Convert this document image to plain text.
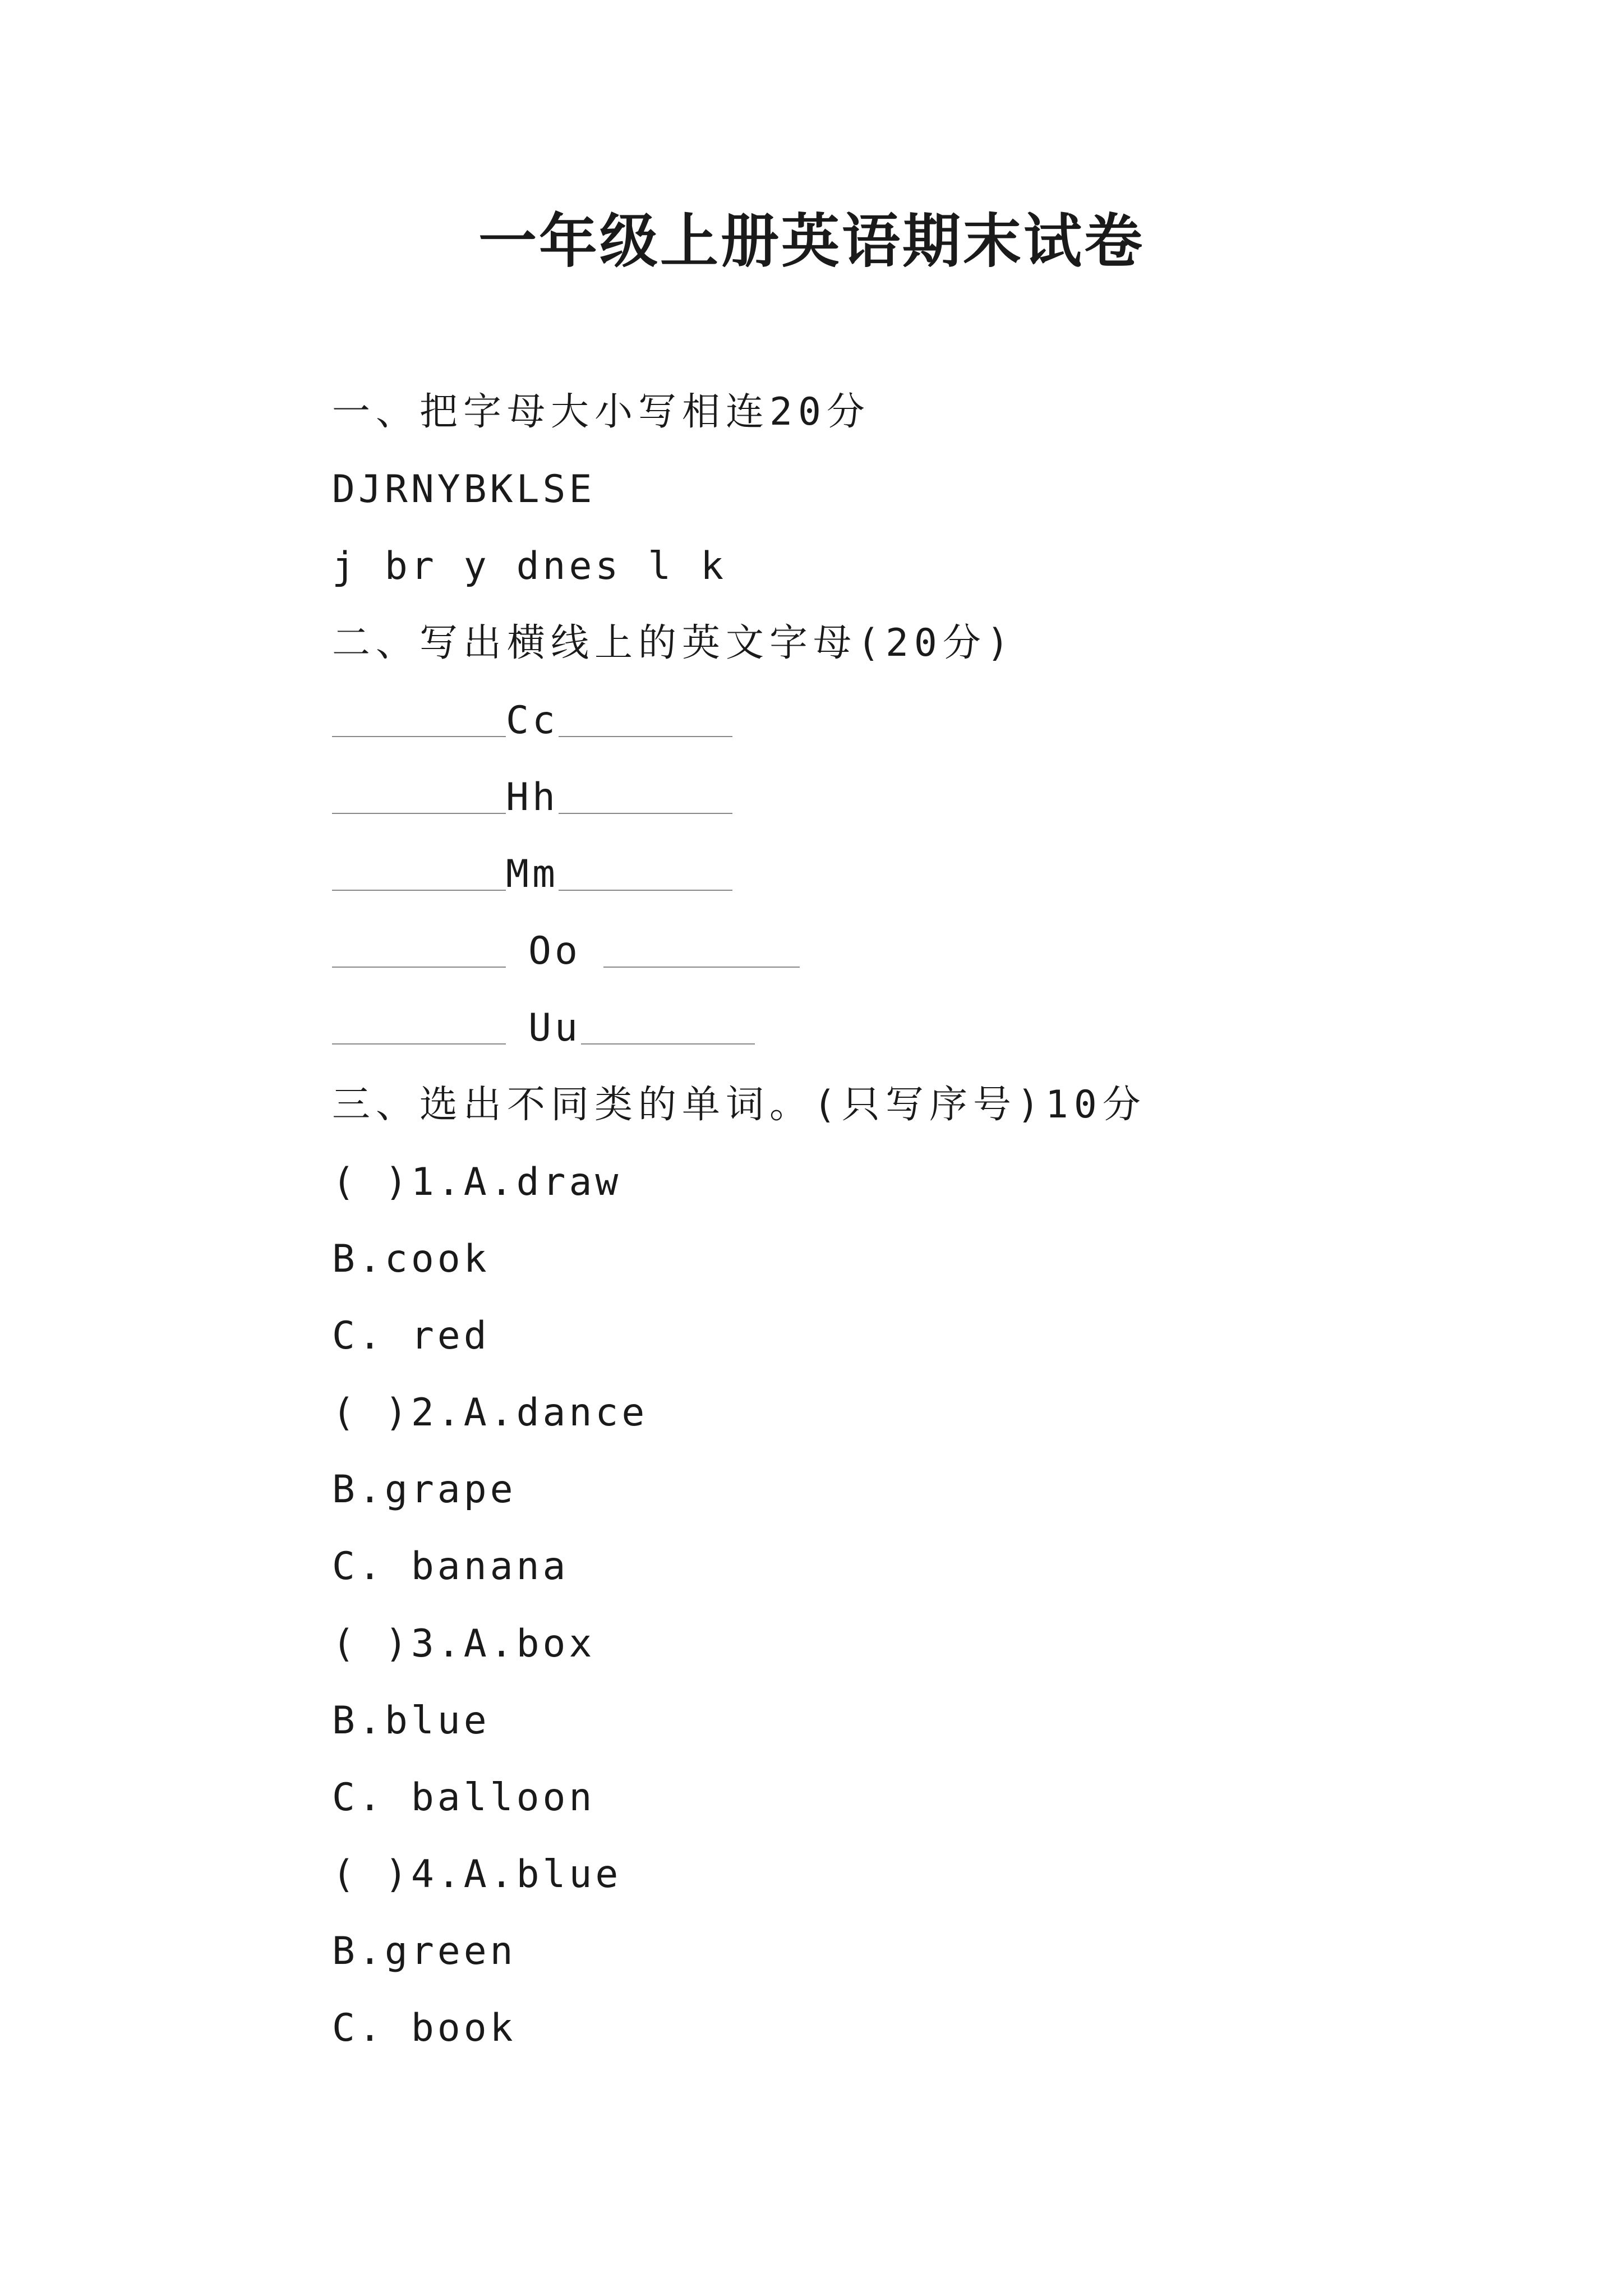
一年级上册英语期末试卷
一、把字母大小写相连20分
DJRNYBKLSE
j br y dnes l k
二、写出横线上的英文字母(20分)
Cc
Hh
Mm
Oo
Uu
三、选出不同类的单词。(只写序号)10分
( )1.A.draw
B.cook
C. red
( )2.A.dance
B.grape
C. banana
( )3.A.box
B.blue
C. balloon
( )4.A.blue
B.green
C. book
